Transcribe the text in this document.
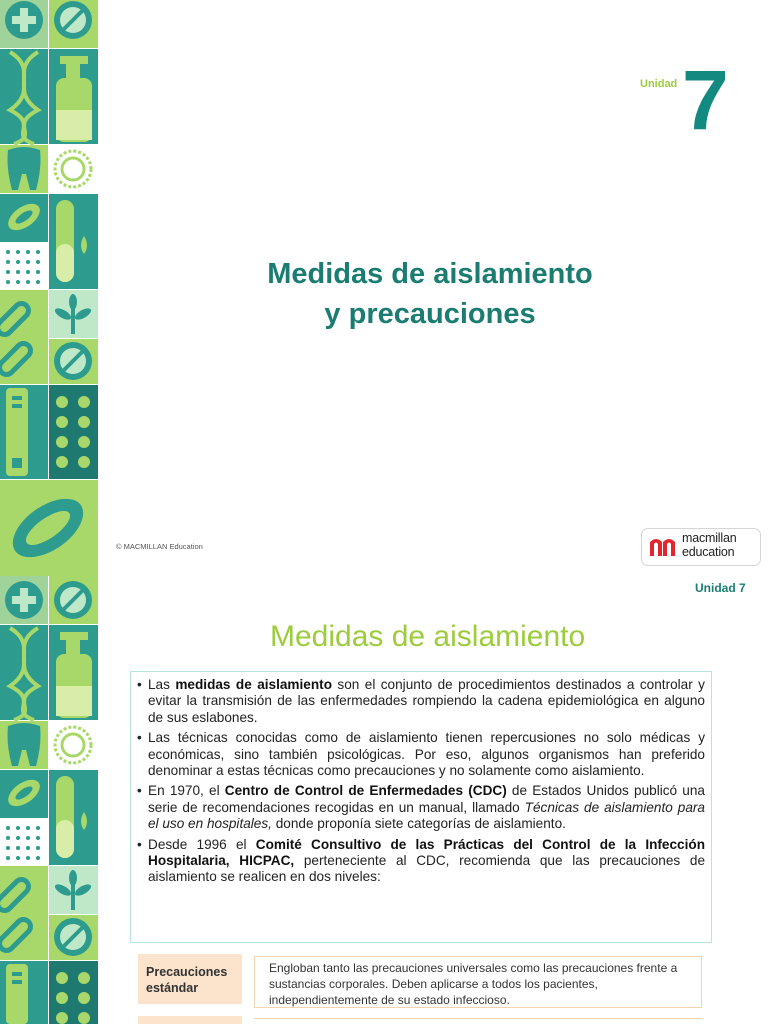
Unidad 7
Medidas de aislamiento
y precauciones
© MACMILLAN Education
macmillan
education
Unidad 7
Medidas de aislamiento
• Las medidas de aislamiento son el conjunto de procedimientos destinados a controlar y evitar la transmisión de las enfermedades rompiendo la cadena epidemiológica en alguno de sus eslabones.
• Las técnicas conocidas como de aislamiento tienen repercusiones no solo médicas y económicas, sino también psicológicas. Por eso, algunos organismos han preferido denominar a estas técnicas como precauciones y no solamente como aislamiento.
• En 1970, el Centro de Control de Enfermedades (CDC) de Estados Unidos publicó una serie de recomendaciones recogidas en un manual, llamado Técnicas de aislamiento para el uso en hospitales, donde proponía siete categorías de aislamiento.
• Desde 1996 el Comité Consultivo de las Prácticas del Control de la Infección Hospitalaria, HICPAC, perteneciente al CDC, recomienda que las precauciones de aislamiento se realicen en dos niveles:
Precauciones
estándar
Engloban tanto las precauciones universales como las precauciones frente a sustancias corporales. Deben aplicarse a todos los pacientes, independientemente de su estado infeccioso.
